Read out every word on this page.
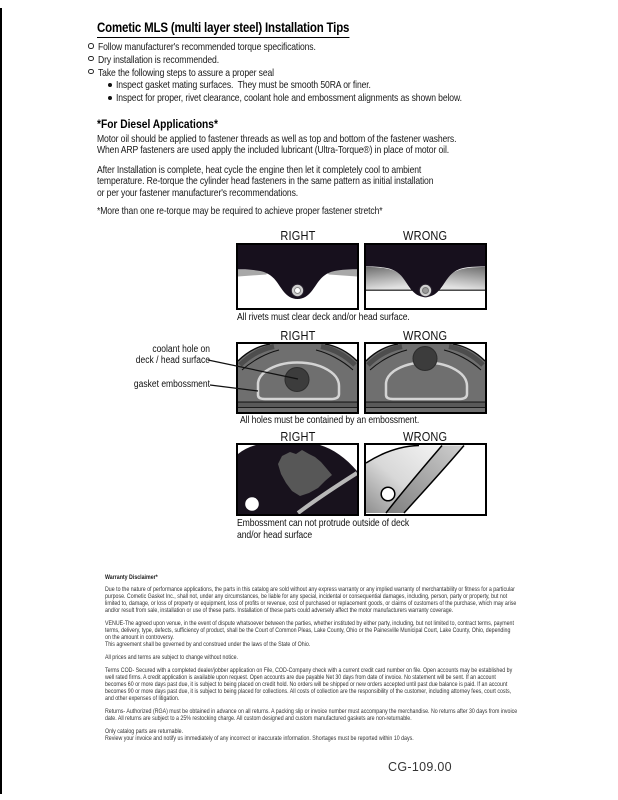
Cometic MLS (multi layer steel) Installation Tips
Follow manufacturer's recommended torque specifications.
Dry installation is recommended.
Take the following steps to assure a proper seal
Inspect gasket mating surfaces.  They must be smooth 50RA or finer.
Inspect for proper, rivet clearance, coolant hole and embossment alignments as shown below.
*For Diesel Applications*
Motor oil should be applied to fastener threads as well as top and bottom of the fastener washers.
When ARP fasteners are used apply the included lubricant (Ultra-Torque®) in place of motor oil.
After Installation is complete, heat cycle the engine then let it completely cool to ambient
temperature. Re-torque the cylinder head fasteners in the same pattern as initial installation
or per your fastener manufacturer's recommendations.
*More than one re-torque may be required to achieve proper fastener stretch*
RIGHT	WRONG
All rivets must clear deck and/or head surface.
RIGHT	WRONG
coolant hole on
deck / head surface
gasket embossment
All holes must be contained by an embossment.
RIGHT	WRONG
Embossment can not protrude outside of deck
and/or head surface

Warranty Disclaimer*

Due to the nature of performance applications, the parts in this catalog are sold without any express warranty or any implied warranty of merchantability or fitness for a particular purpose. Cometic Gasket Inc., shall not, under any circumstances, be liable for any special, incidental or consequential damages, including, person, party or property, but not limited to, damage, or loss of property or equipment, loss of profits or revenue, cost of purchased or replacement goods, or claims of customers of the purchase, which may arise and/or result from sale, installation or use of these parts. Installation of these parts could adversely affect the motor manufacturers warranty coverage.

VENUE-The agreed upon venue, in the event of dispute whatsoever between the parties, whether instituted by either party, including, but not limited to, contract terms, payment terms, delivery, type, defects, sufficiency of product, shall be the Court of Common Pleas, Lake County, Ohio or the Painesville Municipal Court, Lake County, Ohio, depending on the amount in controversy.

This agreement shall be governed by and construed under the laws of the State of Ohio.

All prices and terms are subject to change without notice.

Terms COD- Secured with a completed dealer/jobber application on File, COD-Company check with a current credit card number on file. Open accounts may be established by well rated firms. A credit application is available upon request. Open accounts are due payable Net 30 days from date of invoice. No statement will be sent. If an account becomes 60 or more days past due, it is subject to being placed on credit hold. No orders will be shipped or new orders accepted until past due balance is paid. If an account becomes 90 or more days past due, it is subject to being placed for collections. All costs of collection are the responsibility of the customer, including attorney fees, court costs, and other expenses of litigation.

Returns- Authorized (RGA) must be obtained in advance on all returns. A packing slip or invoice number must accompany the merchandise. No returns after 30 days from invoice date. All returns are subject to a 25% restocking charge. All custom designed and custom manufactured gaskets are non-returnable.

Only catalog parts are returnable.

Review your invoice and notify us immediately of any incorrect or inaccurate information. Shortages must be reported within 10 days.

CG-109.00
